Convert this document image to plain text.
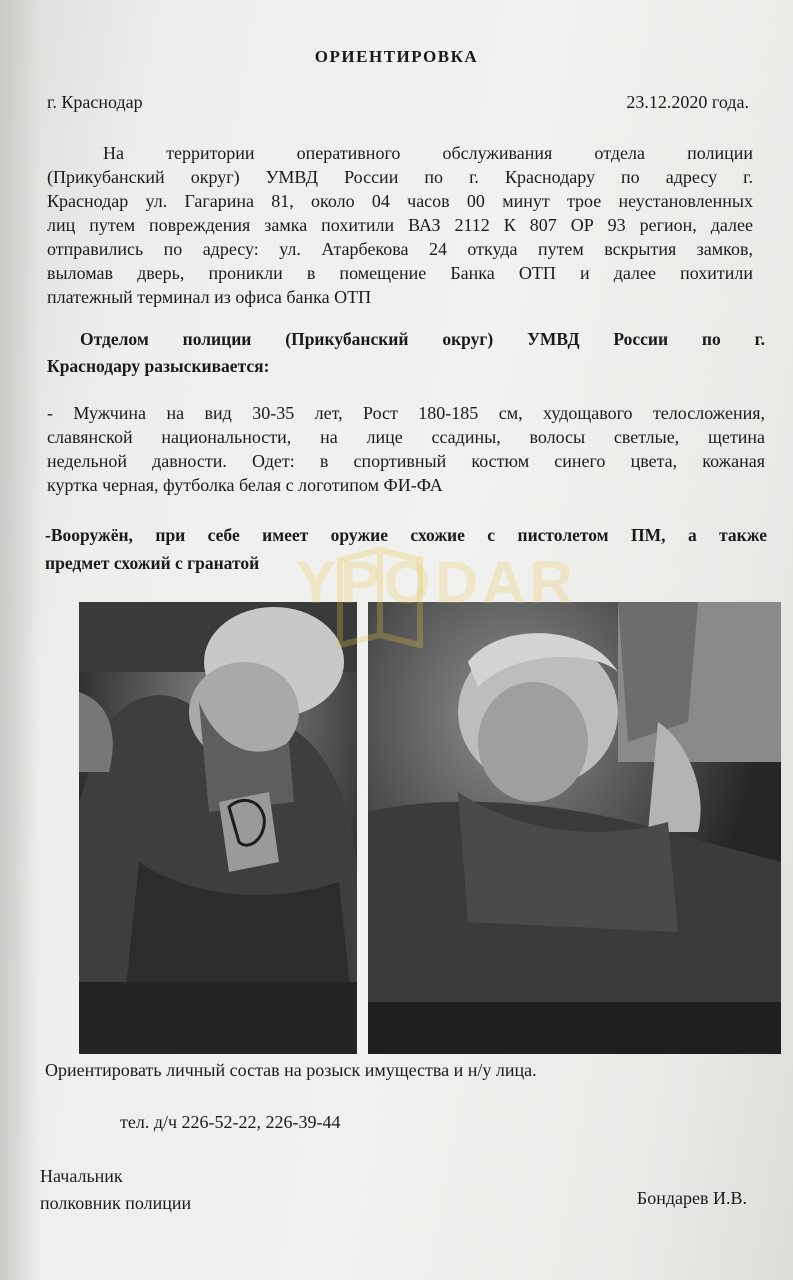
ОРИЕНТИРОВКА

г. Краснодар	23.12.2020 года.

На территории оперативного обслуживания отдела полиции
(Прикубанский округ) УМВД России по г. Краснодару по адресу г.
Краснодар ул. Гагарина 81, около 04 часов 00 минут трое неустановленных
лиц путем повреждения замка похитили ВАЗ 2112 К 807 ОР 93 регион, далее
отправились по адресу: ул. Атарбекова 24 откуда путем вскрытия замков,
выломав дверь, проникли в помещение Банка ОТП и далее похитили
платежный терминал из офиса банка ОТП
Отделом полиции (Прикубанский округ) УМВД России по г.
Краснодару разыскивается:
- Мужчина на вид 30-35 лет, Рост 180-185 см, худощавого телосложения,
славянской национальности, на лице ссадины, волосы светлые, щетина
недельной давности. Одет: в спортивный костюм синего цвета, кожаная
куртка черная, футболка белая с логотипом ФИ-ФА
-Вооружён, при себе имеет оружие схожие с пистолетом ПМ, а также
предмет схожий с гранатой YPODAR

Ориентировать личный состав на розыск имущества и н/у лица.

тел. д/ч 226-52-22, 226-39-44

Начальник

полковник полиции	Бондарев И.В.
